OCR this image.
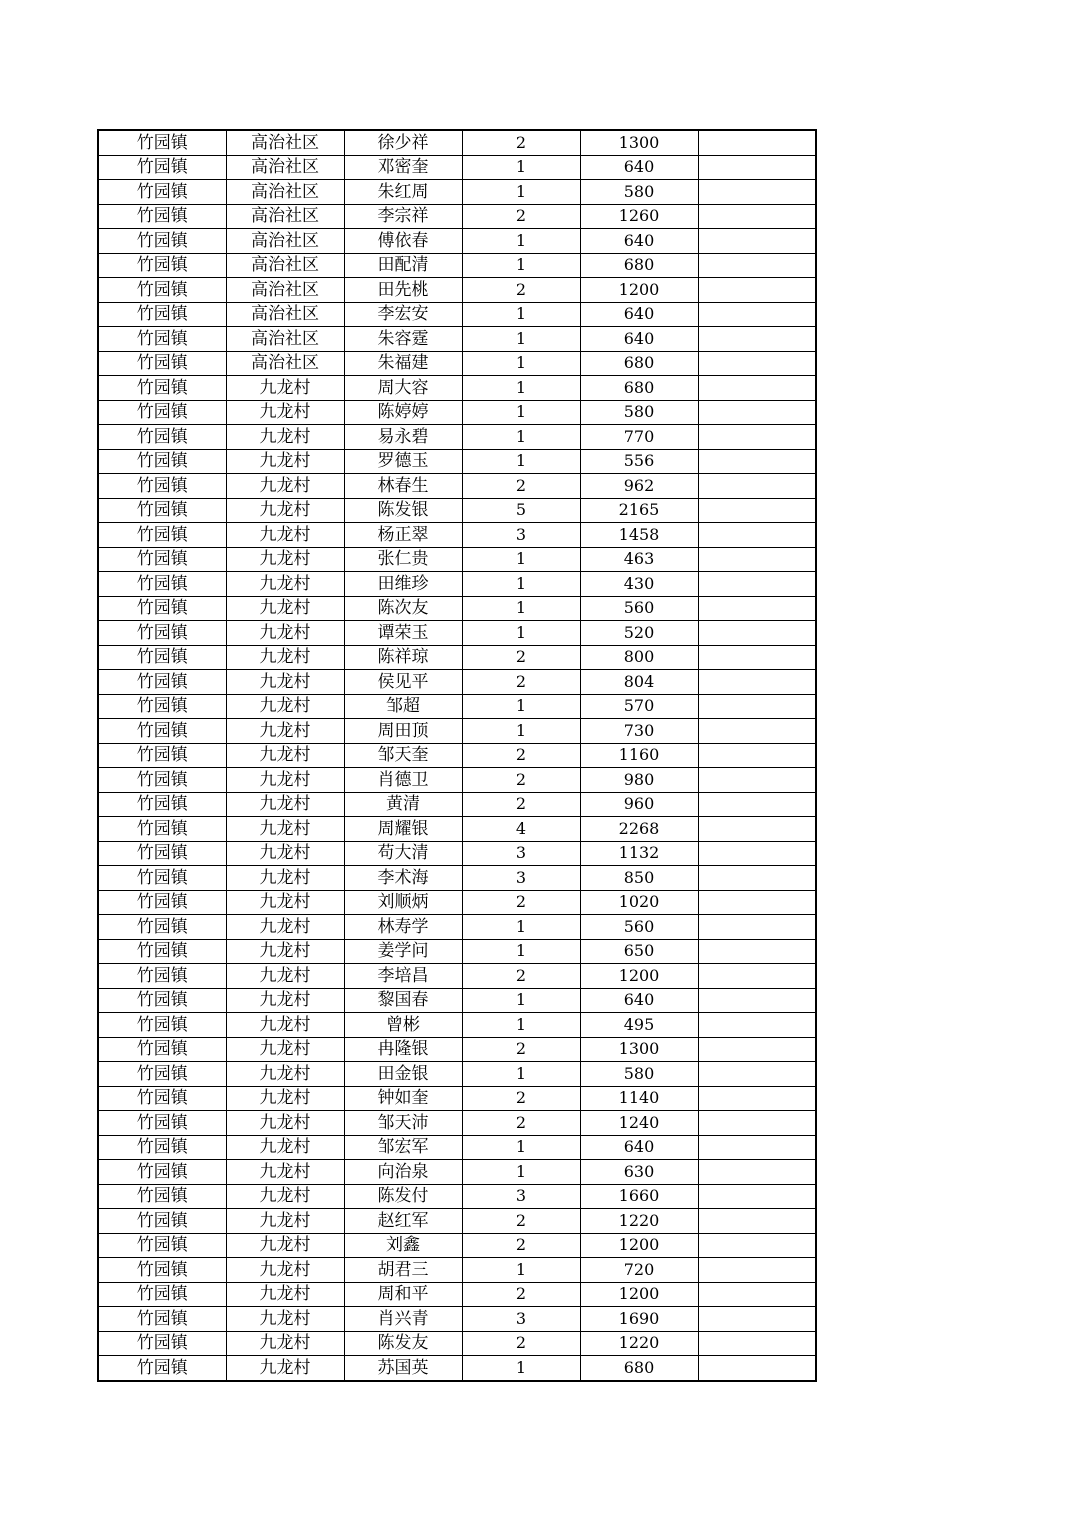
竹园镇	高治社区	徐少祥	2	1300	
竹园镇	高治社区	邓密奎	1	640	
竹园镇	高治社区	朱红周	1	580	
竹园镇	高治社区	李宗祥	2	1260	
竹园镇	高治社区	傅依春	1	640	
竹园镇	高治社区	田配清	1	680	
竹园镇	高治社区	田先桃	2	1200	
竹园镇	高治社区	李宏安	1	640	
竹园镇	高治社区	朱容霆	1	640	
竹园镇	高治社区	朱福建	1	680	
竹园镇	九龙村	周大容	1	680	
竹园镇	九龙村	陈婷婷	1	580	
竹园镇	九龙村	易永碧	1	770	
竹园镇	九龙村	罗德玉	1	556	
竹园镇	九龙村	林春生	2	962	
竹园镇	九龙村	陈发银	5	2165	
竹园镇	九龙村	杨正翠	3	1458	
竹园镇	九龙村	张仁贵	1	463	
竹园镇	九龙村	田维珍	1	430	
竹园镇	九龙村	陈次友	1	560	
竹园镇	九龙村	谭荣玉	1	520	
竹园镇	九龙村	陈祥琼	2	800	
竹园镇	九龙村	侯见平	2	804	
竹园镇	九龙村	邹超	1	570	
竹园镇	九龙村	周田顶	1	730	
竹园镇	九龙村	邹天奎	2	1160	
竹园镇	九龙村	肖德卫	2	980	
竹园镇	九龙村	黄清	2	960	
竹园镇	九龙村	周耀银	4	2268	
竹园镇	九龙村	苟大清	3	1132	
竹园镇	九龙村	李术海	3	850	
竹园镇	九龙村	刘顺炳	2	1020	
竹园镇	九龙村	林寿学	1	560	
竹园镇	九龙村	姜学问	1	650	
竹园镇	九龙村	李培昌	2	1200	
竹园镇	九龙村	黎国春	1	640	
竹园镇	九龙村	曾彬	1	495	
竹园镇	九龙村	冉隆银	2	1300	
竹园镇	九龙村	田金银	1	580	
竹园镇	九龙村	钟如奎	2	1140	
竹园镇	九龙村	邹天沛	2	1240	
竹园镇	九龙村	邹宏军	1	640	
竹园镇	九龙村	向治泉	1	630	
竹园镇	九龙村	陈发付	3	1660	
竹园镇	九龙村	赵红军	2	1220	
竹园镇	九龙村	刘鑫	2	1200	
竹园镇	九龙村	胡君三	1	720	
竹园镇	九龙村	周和平	2	1200	
竹园镇	九龙村	肖兴青	3	1690	
竹园镇	九龙村	陈发友	2	1220	
竹园镇	九龙村	苏国英	1	680	
